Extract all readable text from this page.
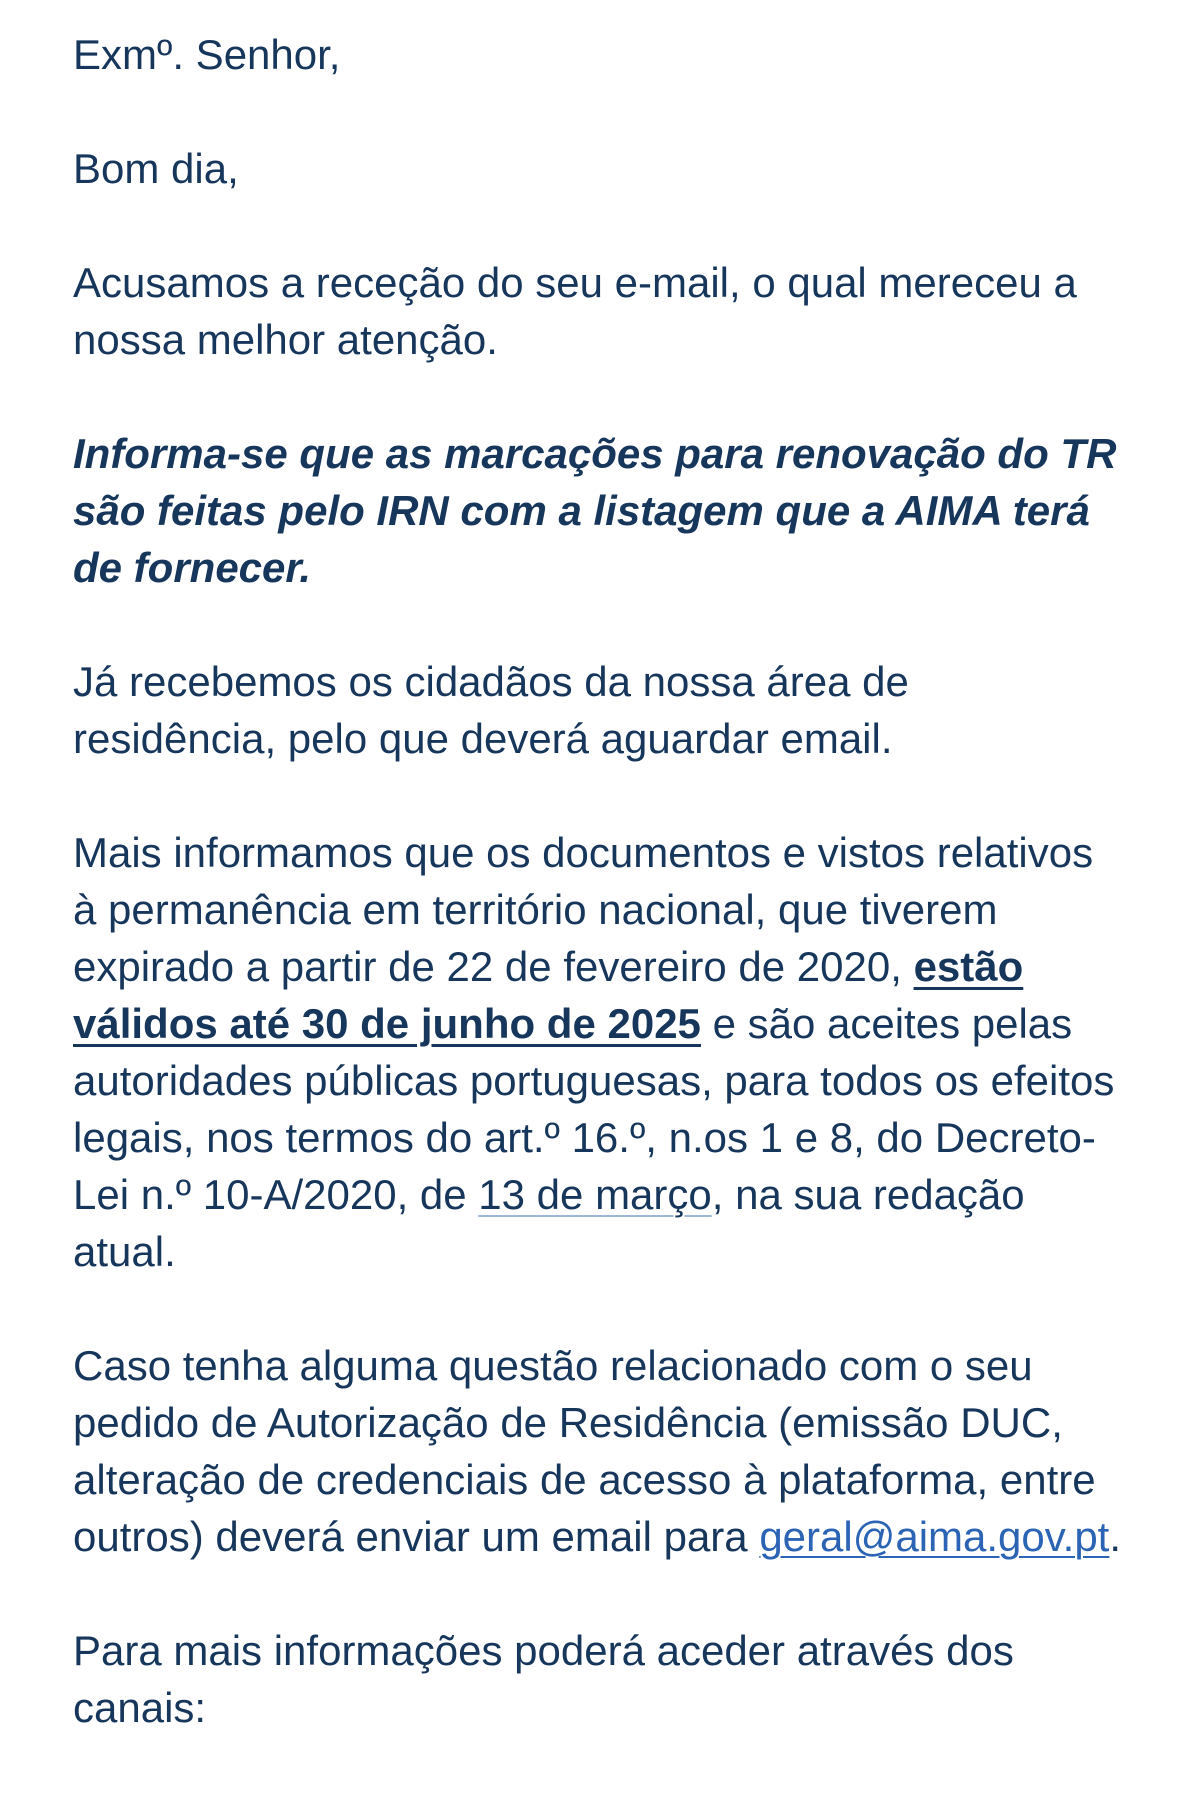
Exmº. Senhor,

Bom dia,

Acusamos a receção do seu e-mail, o qual mereceu a nossa melhor atenção.

Informa-se que as marcações para renovação do TR são feitas pelo IRN com a listagem que a AIMA terá de fornecer.

Já recebemos os cidadãos da nossa área de residência, pelo que deverá aguardar email.

Mais informamos que os documentos e vistos relativos à permanência em território nacional, que tiverem expirado a partir de 22 de fevereiro de 2020, estão válidos até 30 de junho de 2025 e são aceites pelas autoridades públicas portuguesas, para todos os efeitos legais, nos termos do art.º 16.º, n.os 1 e 8, do Decreto-Lei n.º 10-A/2020, de 13 de março, na sua redação atual.

Caso tenha alguma questão relacionado com o seu pedido de Autorização de Residência (emissão DUC, alteração de credenciais de acesso à plataforma, entre outros) deverá enviar um email para geral@aima.gov.pt.

Para mais informações poderá aceder através dos canais:
